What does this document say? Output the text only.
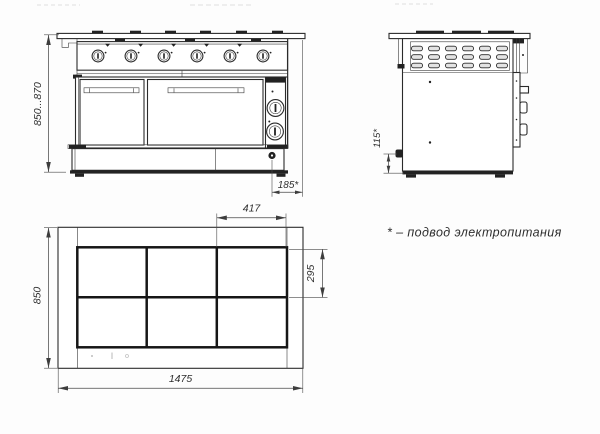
850...870
185*
115*
417
295
850
1475
* – подвод электропитания
